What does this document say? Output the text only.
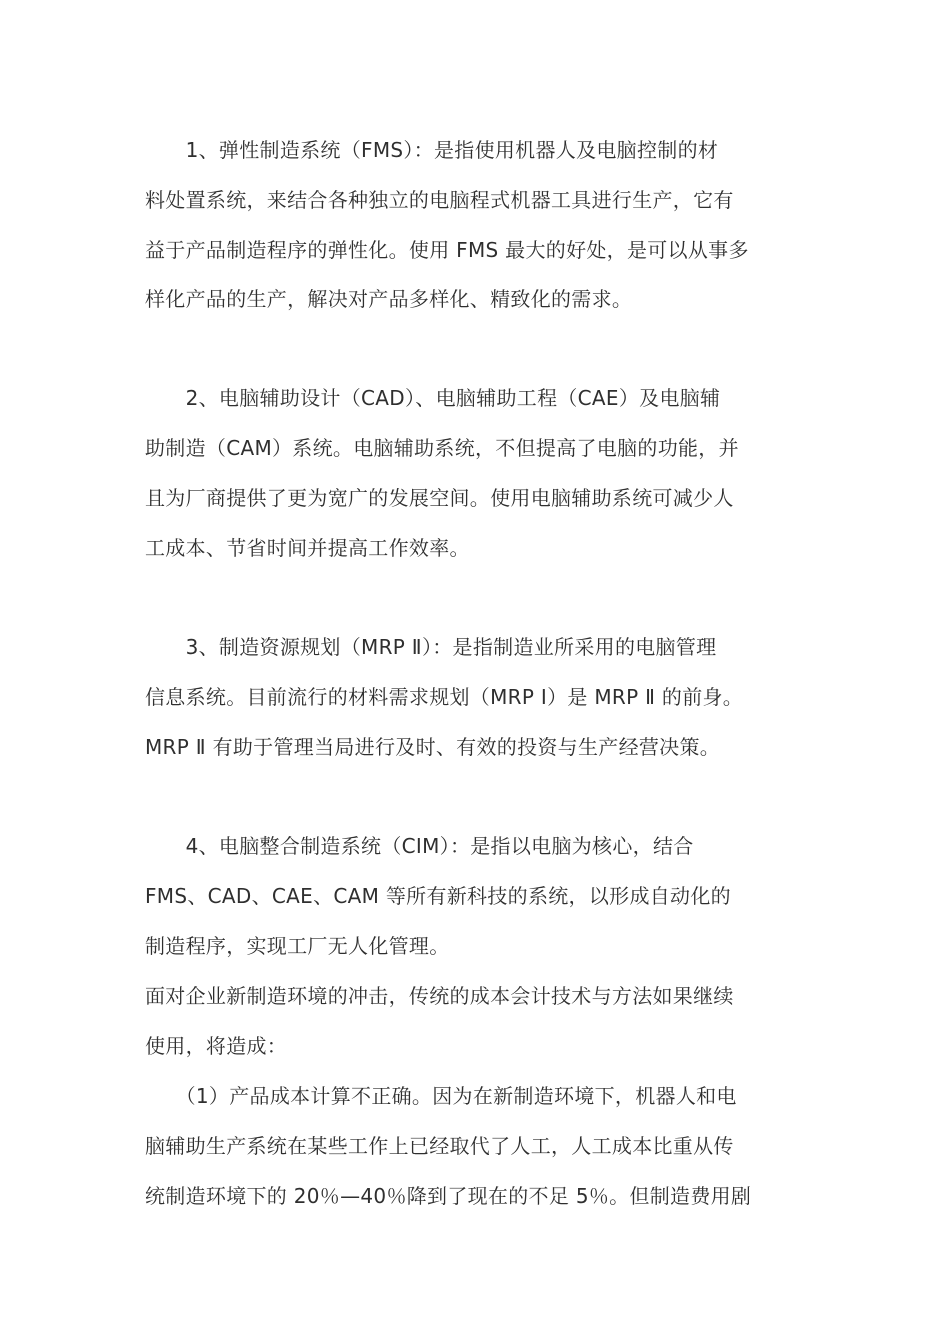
　　1、弹性制造系统（FMS）：是指使用机器人及电脑控制的材
料处置系统，来结合各种独立的电脑程式机器工具进行生产，它有
益于产品制造程序的弹性化。使用 FMS 最大的好处，是可以从事多
样化产品的生产，解决对产品多样化、精致化的需求。
　　2、电脑辅助设计（CAD）、电脑辅助工程（CAE）及电脑辅
助制造（CAM）系统。电脑辅助系统，不但提高了电脑的功能，并
且为厂商提供了更为宽广的发展空间。使用电脑辅助系统可减少人
工成本、节省时间并提高工作效率。
　　3、制造资源规划（MRP Ⅱ）：是指制造业所采用的电脑管理
信息系统。目前流行的材料需求规划（MRP I）是 MRP Ⅱ 的前身。
MRP Ⅱ 有助于管理当局进行及时、有效的投资与生产经营决策。
　　4、电脑整合制造系统（CIM）：是指以电脑为核心，结合
FMS、CAD、CAE、CAM 等所有新科技的系统，以形成自动化的
制造程序，实现工厂无人化管理。
面对企业新制造环境的冲击，传统的成本会计技术与方法如果继续
使用，将造成：
　　（1）产品成本计算不正确。因为在新制造环境下，机器人和电
脑辅助生产系统在某些工作上已经取代了人工，人工成本比重从传
统制造环境下的 20％—40％降到了现在的不足 5％。但制造费用剧
